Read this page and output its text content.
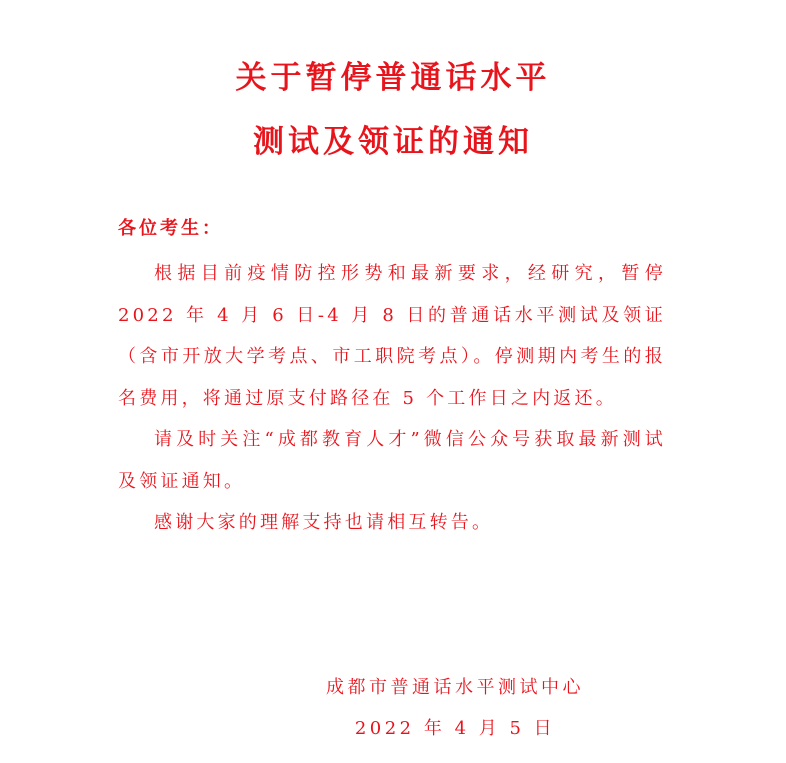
关于暂停普通话水平
测试及领证的通知
各位考生：

根据目前疫情防控形势和最新要求，经研究，暂停 2022 年 4 月 6 日-4 月 8 日的普通话水平测试及领证（含市开放大学考点、市工职院考点）。停测期内考生的报名费用，将通过原支付路径在 5 个工作日之内返还。

请及时关注“成都教育人才”微信公众号获取最新测试及领证通知。

感谢大家的理解支持也请相互转告。

成都市普通话水平测试中心
2022 年 4 月 5 日
